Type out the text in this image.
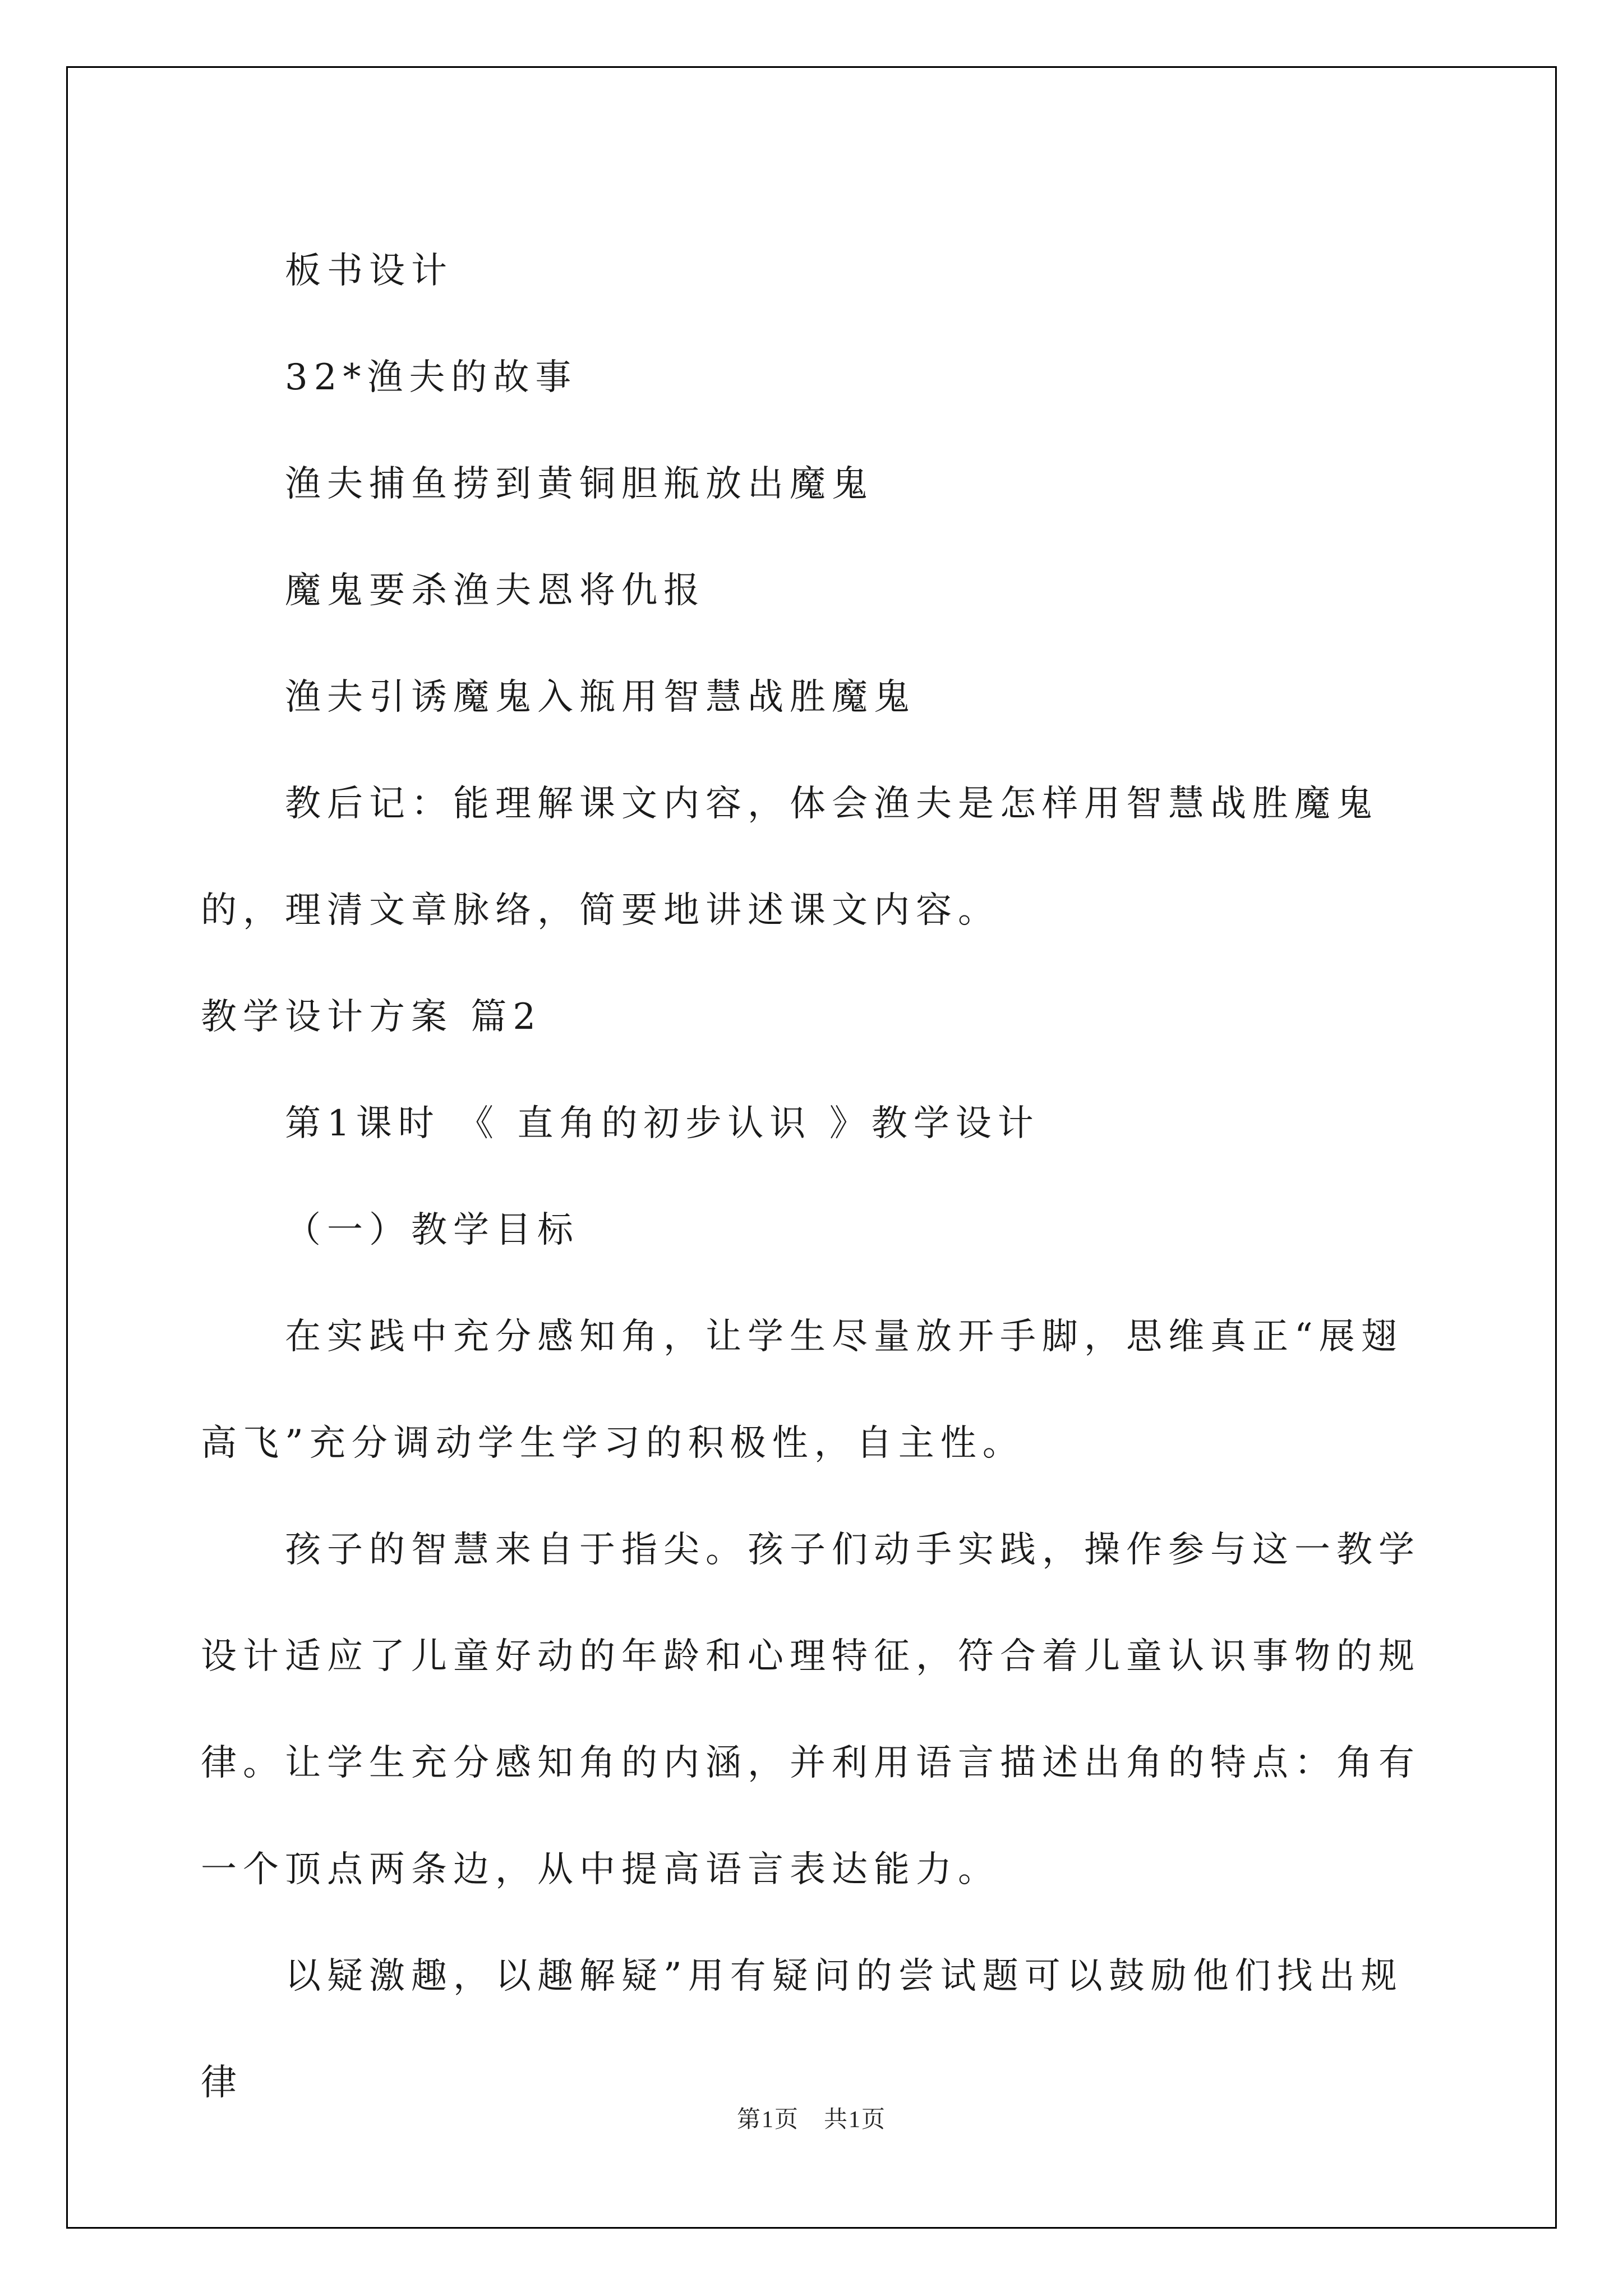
板书设计

32*渔夫的故事

渔夫捕鱼捞到黄铜胆瓶放出魔鬼

魔鬼要杀渔夫恩将仇报

渔夫引诱魔鬼入瓶用智慧战胜魔鬼

教后记：能理解课文内容，体会渔夫是怎样用智慧战胜魔鬼的，理清文章脉络，简要地讲述课文内容。

教学设计方案 篇2

第1课时 《 直角的初步认识 》教学设计

（一）教学目标

在实践中充分感知角，让学生尽量放开手脚，思维真正“展翅高飞”充分调动学生学习的积极性，自主性。

孩子的智慧来自于指尖。孩子们动手实践，操作参与这一教学设计适应了儿童好动的年龄和心理特征，符合着儿童认识事物的规律。让学生充分感知角的内涵，并利用语言描述出角的特点：角有一个顶点两条边，从中提高语言表达能力。

以疑激趣，以趣解疑”用有疑问的尝试题可以鼓励他们找出规律

第1页　共1页
